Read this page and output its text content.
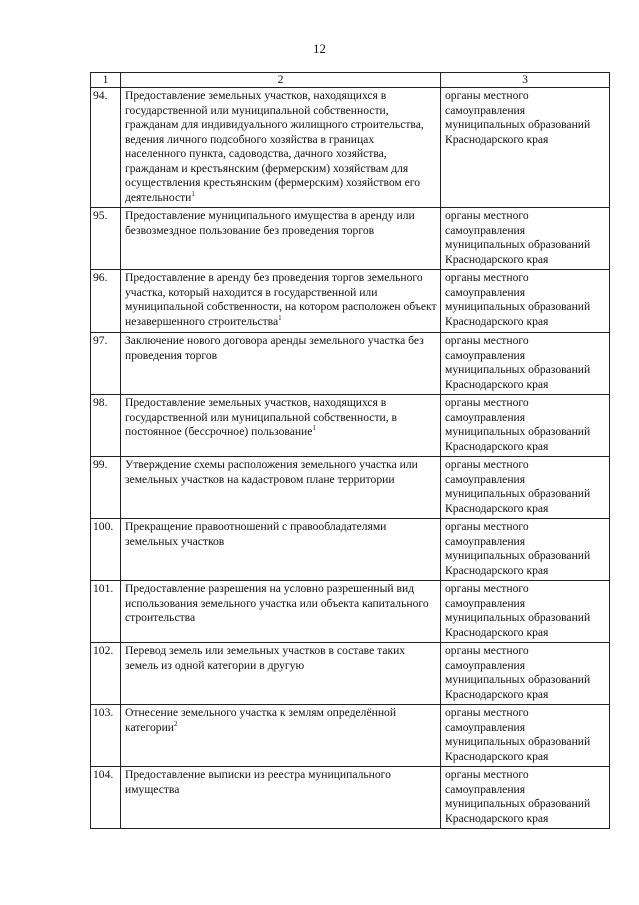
12
1	2	3
94.	Предоставление земельных участков, находящихся в государственной или муниципальной собственности, гражданам для индивидуального жилищного строительства, ведения личного подсобного хозяйства в границах населенного пункта, садоводства, дачного хозяйства, гражданам и крестьянским (фермерским) хозяйствам для осуществления крестьянским (фермерским) хозяйством его деятельности$^1$	органы местного самоуправления муниципальных образований Краснодарского края
95.	Предоставление муниципального имущества в аренду или безвозмездное пользование без проведения торгов	органы местного самоуправления муниципальных образований Краснодарского края
96.	Предоставление в аренду без проведения торгов земельного участка, который находится в государственной или муниципальной собственности, на котором расположен объект незавершенного строительства$^1$	органы местного самоуправления муниципальных образований Краснодарского края
97.	Заключение нового договора аренды земельного участка без проведения торгов	органы местного самоуправления муниципальных образований Краснодарского края
98.	Предоставление земельных участков, находящихся в государственной или муниципальной собственности, в постоянное (бессрочное) пользование$^1$	органы местного самоуправления муниципальных образований Краснодарского края
99.	Утверждение схемы расположения земельного участка или земельных участков на кадастровом плане территории	органы местного самоуправления муниципальных образований Краснодарского края
100.	Прекращение правоотношений с правообладателями земельных участков	органы местного самоуправления муниципальных образований Краснодарского края
101.	Предоставление разрешения на условно разрешенный вид использования земельного участка или объекта капитального строительства	органы местного самоуправления муниципальных образований Краснодарского края
102.	Перевод земель или земельных участков в составе таких земель из одной категории в другую	органы местного самоуправления муниципальных образований Краснодарского края
103.	Отнесение земельного участка к землям определённой категории$^2$	органы местного самоуправления муниципальных образований Краснодарского края
104.	Предоставление выписки из реестра муниципального имущества	органы местного самоуправления муниципальных образований Краснодарского края
